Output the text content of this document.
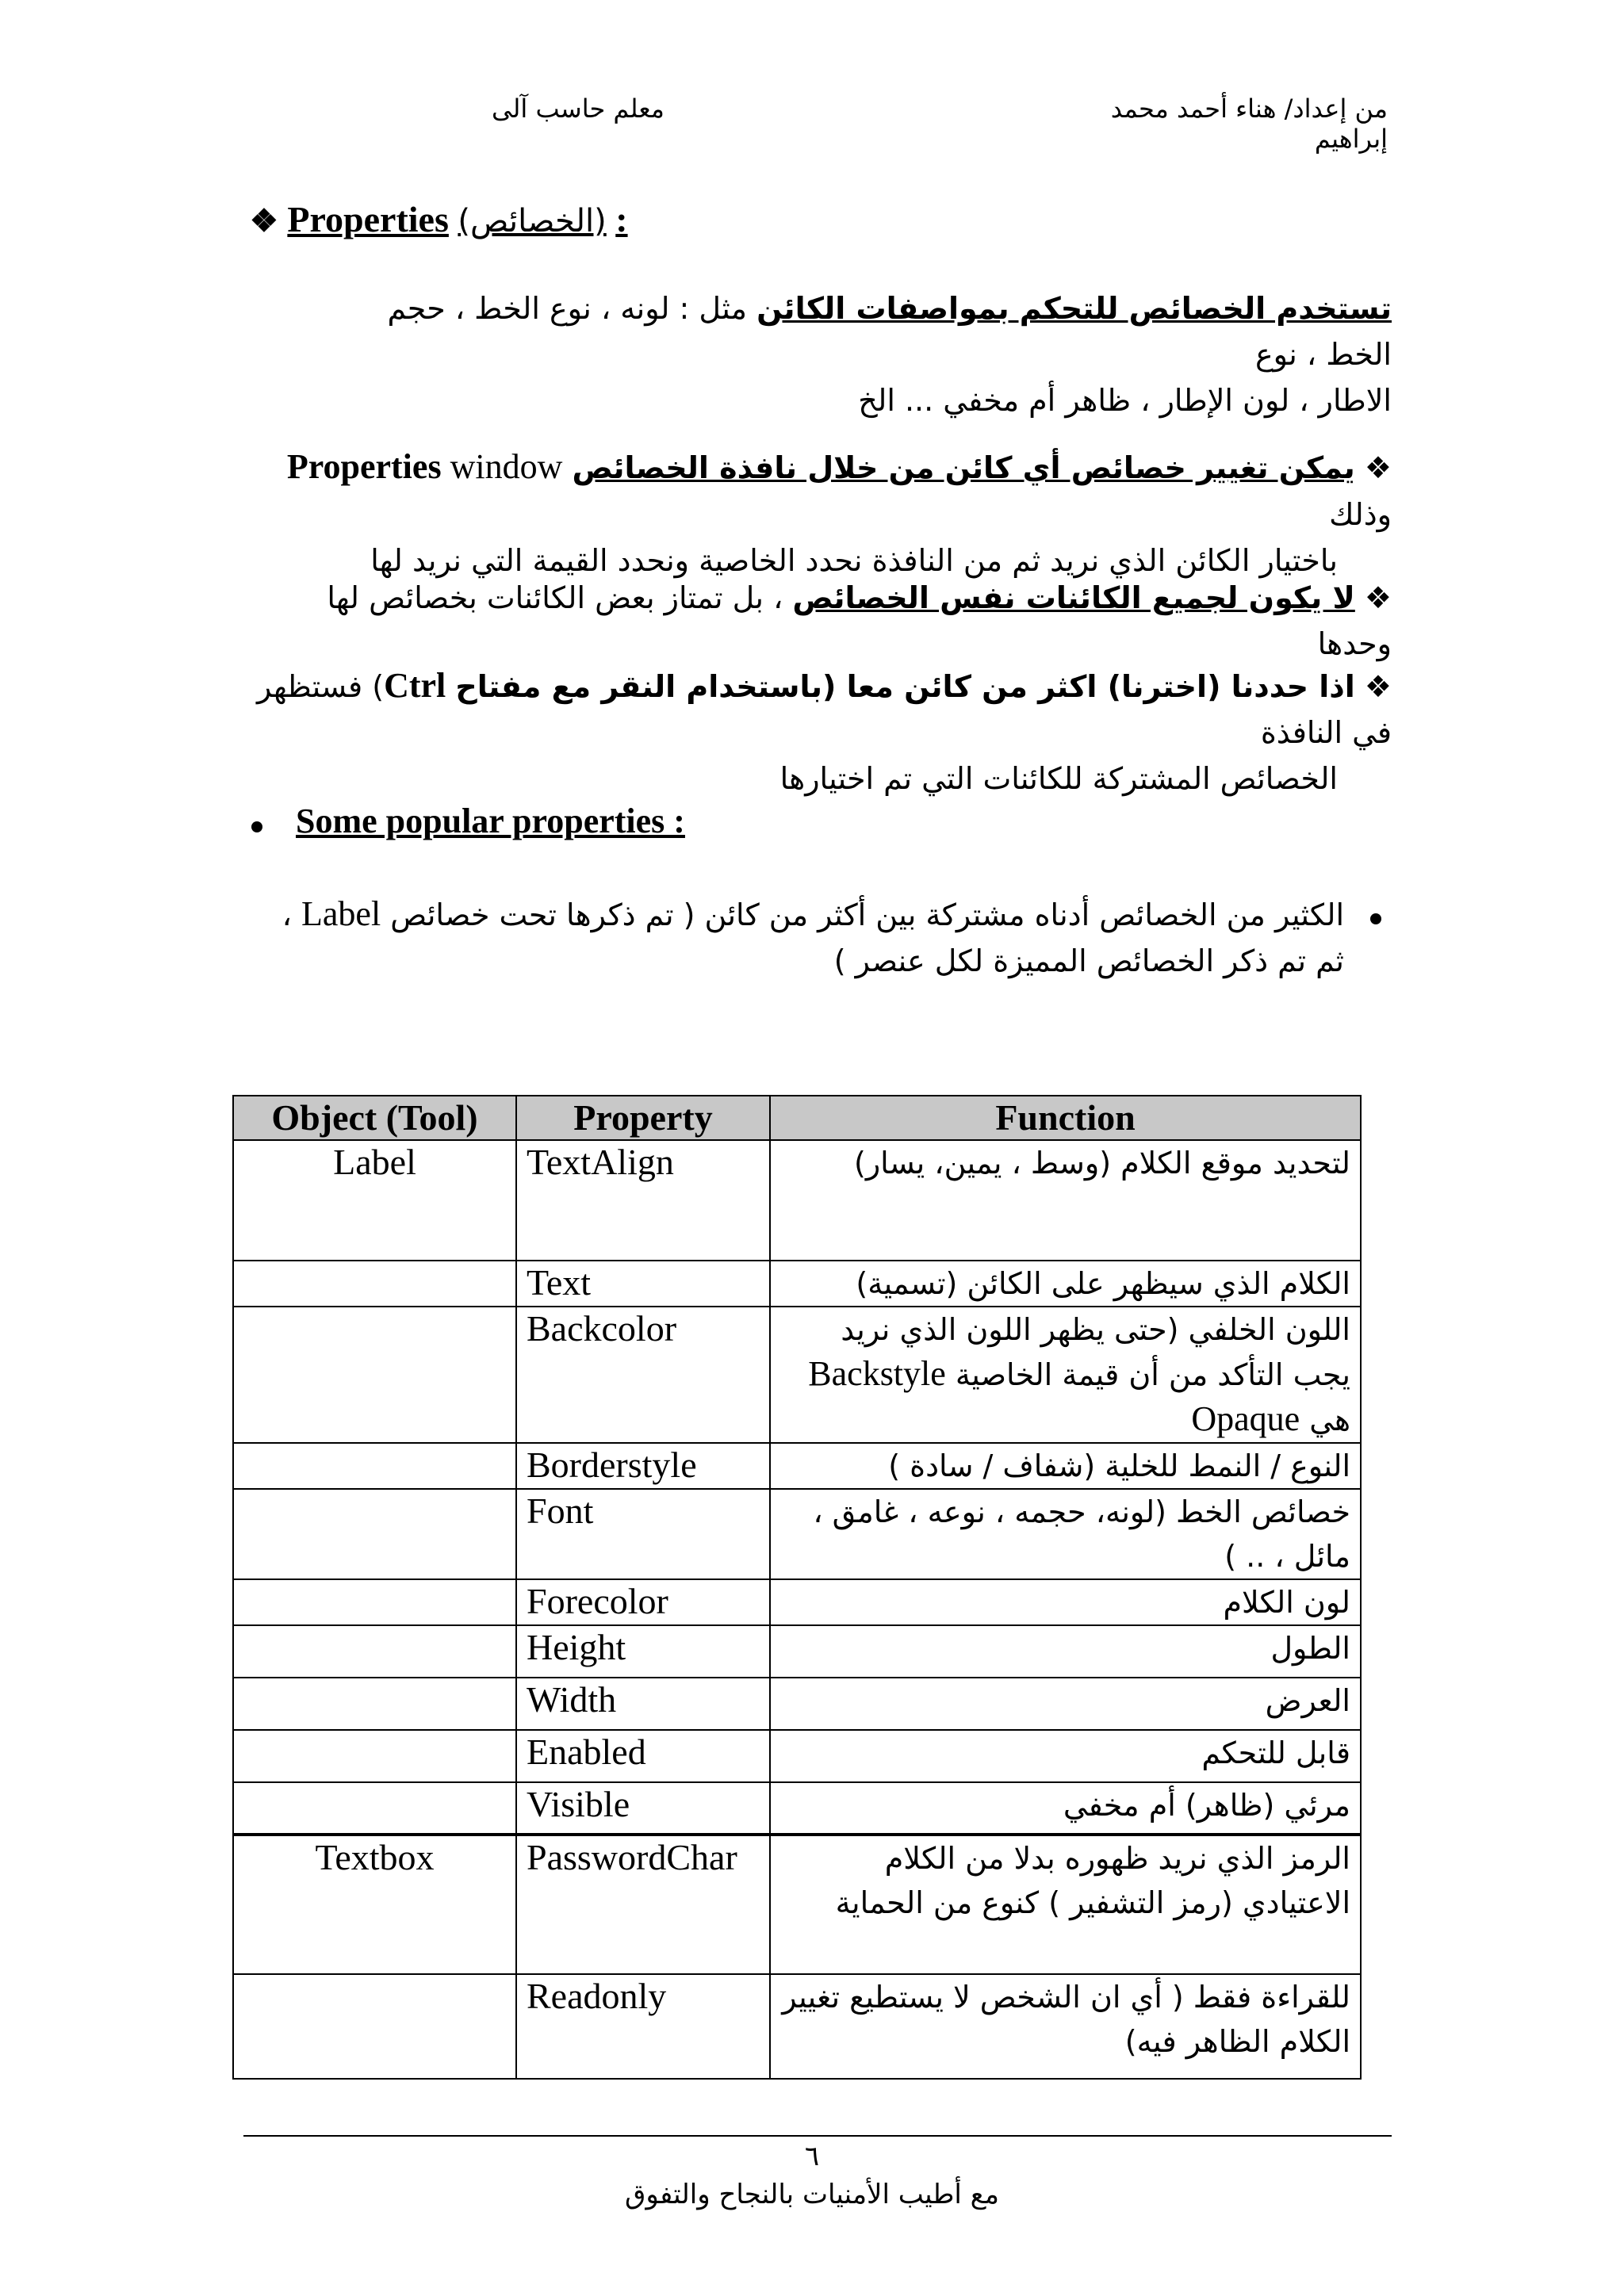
معلم حاسب آلى	من إعداد/ هناء أحمد محمد إبراهيم
❖ Properties (الخصائص) :
تستخدم الخصائص للتحكم بمواصفات الكائن مثل : لونه ، نوع الخط ، حجم الخط ، نوع
الاطار ، لون الإطار ، ظاهر أم مخفي ... الخ
❖ يمكن تغيير خصائص أي كائن من خلال نافذة الخصائص Properties window وذلك
باختيار الكائن الذي نريد ثم من النافذة نحدد الخاصية ونحدد القيمة التي نريد لها
❖ لا يكون لجميع الكائنات نفس الخصائص ، بل تمتاز بعض الكائنات بخصائص لها وحدها
❖ اذا حددنا (اخترنا) اكثر من كائن معا (باستخدام النقر مع مفتاح Ctrl) فستظهر في النافذة
الخصائص المشتركة للكائنات التي تم اختيارها
Some popular properties :
الكثير من الخصائص أدناه مشتركة بين أكثر من كائن ( تم ذكرها تحت خصائص Label ،
ثم تم ذكر الخصائص المميزة لكل عنصر )
Object (Tool)	Property	Function
Label	TextAlign	لتحديد موقع الكلام (وسط ، يمين، يسار)
	Text	الكلام الذي سيظهر على الكائن (تسمية)
	Backcolor	اللون الخلفي (حتى يظهر اللون الذي نريد يجب التأكد من أن قيمة الخاصية Backstyle هي Opaque
	Borderstyle	النوع / النمط للخلية (شفاف / سادة )
	Font	خصائص الخط (لونه، حجمه ، نوعه ، غامق ، مائل ، .. )
	Forecolor	لون الكلام
	Height	الطول
	Width	العرض
	Enabled	قابل للتحكم
	Visible	مرئي (ظاهر) أم مخفي
Textbox	PasswordChar	الرمز الذي نريد ظهوره بدلا من الكلام الاعتيادي (رمز التشفير ) كنوع من الحماية
	Readonly	للقراءة فقط ( أي ان الشخص لا يستطيع تغيير الكلام الظاهر فيه)
٦
مع أطيب الأمنيات بالنجاح والتفوق
